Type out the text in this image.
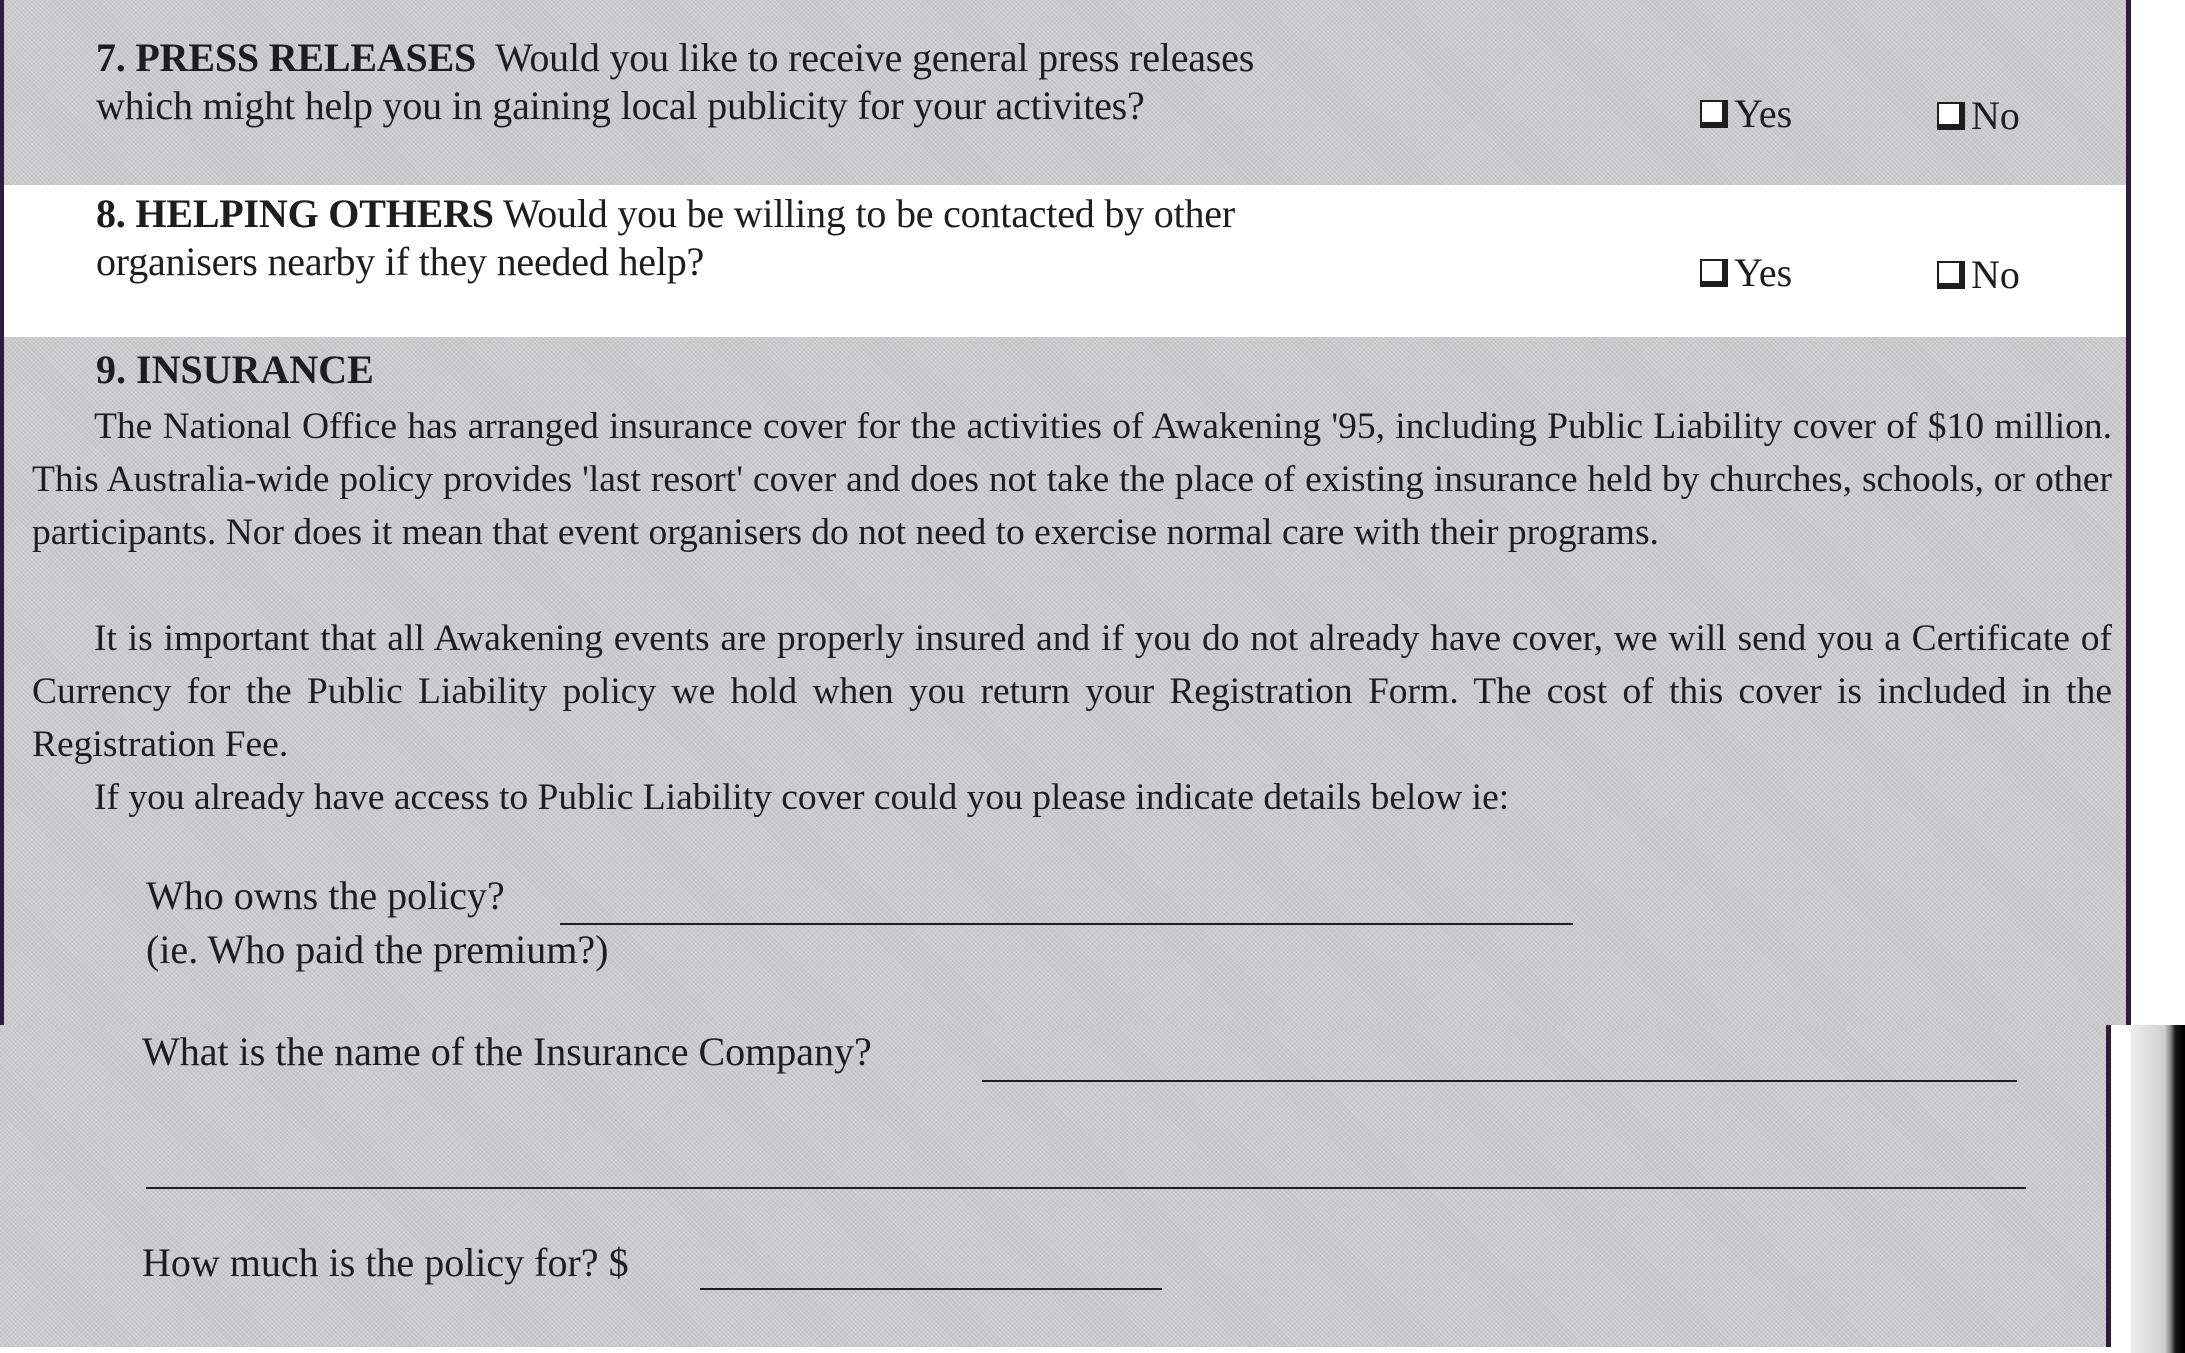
7. PRESS RELEASES Would you like to receive general press releases
which might help you in gaining local publicity for your activites?	Yes	No
8. HELPING OTHERS Would you be willing to be contacted by other
organisers nearby if they needed help?	Yes	No
9. INSURANCE

The National Office has arranged insurance cover for the activities of Awakening '95, including Public Liability cover of $10 million. This Australia-wide policy provides 'last resort' cover and does not take the place of existing insurance held by churches, schools, or other participants. Nor does it mean that event organisers do not need to exercise normal care with their programs.

It is important that all Awakening events are properly insured and if you do not already have cover, we will send you a Certificate of Currency for the Public Liability policy we hold when you return your Registration Form. The cost of this cover is included in the Registration Fee.

If you already have access to Public Liability cover could you please indicate details below ie:

Who owns the policy?
(ie. Who paid the premium?)
What is the name of the Insurance Company?
How much is the policy for? $
